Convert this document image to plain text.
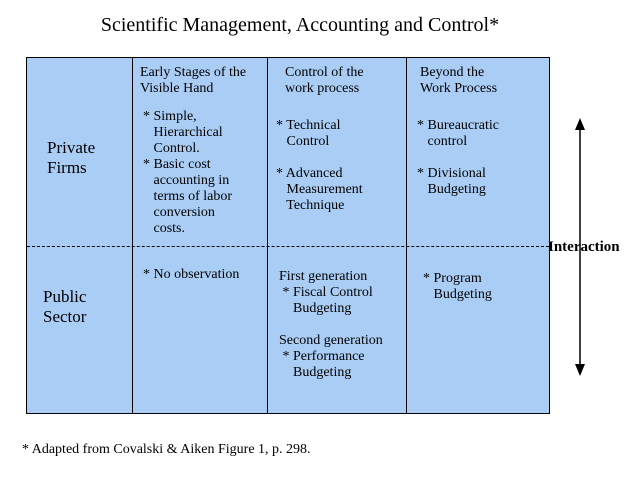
Scientific Management, Accounting and Control*
Early Stages of the
Visible Hand
Control of the
work process
Beyond the
Work Process
Private
Firms
Public
Sector
* Simple,
Hierarchical
Control.
* Basic cost
accounting in
terms of labor
conversion
costs.
* Technical
Control

* Advanced
Measurement
Technique
* Bureaucratic
control

* Divisional
Budgeting
* No observation	First generation
* Fiscal Control
Budgeting

Second generation
* Performance
Budgeting
* Program
Budgeting
Interaction
* Adapted from Covalski & Aiken Figure 1, p. 298.
